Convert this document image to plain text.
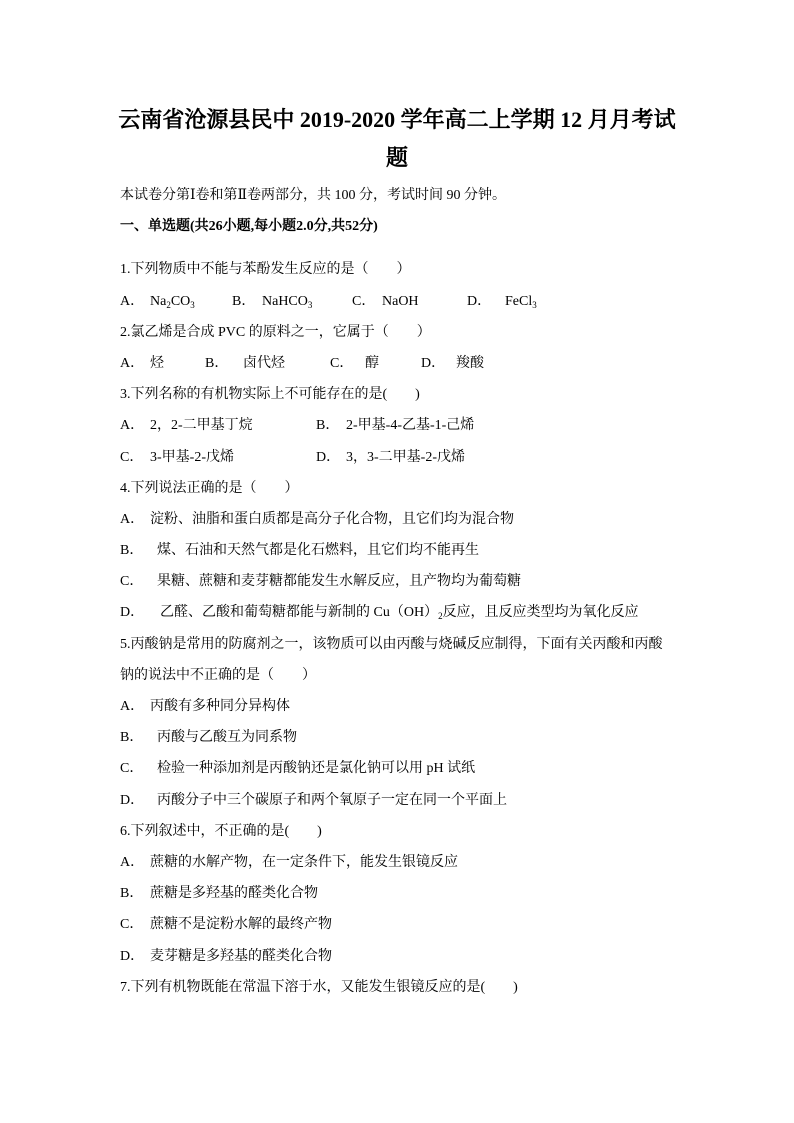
云南省沧源县民中 2019-2020 学年高二上学期 12 月月考试
题
本试卷分第Ⅰ卷和第Ⅱ卷两部分，共 100 分，考试时间 90 分钟。
一、单选题(共26小题,每小题2.0分,共52分)
1.下列物质中不能与苯酚发生反应的是（　　）
A． $Na_2CO_3$	B． NaHCO$_3$	C． NaOH	D． FeCl$_3$
2.氯乙烯是合成 PVC 的原料之一，它属于（　　）
A． 烃	B． 卤代烃	C． 醇	D． 羧酸
3.下列名称的有机物实际上不可能存在的是(　　)
A． 2，2-二甲基丁烷	B． 2-甲基-4-乙基-1-己烯
C． 3-甲基-2-戊烯	D． 3，3-二甲基-2-戊烯
4.下列说法正确的是（　　）
A． 淀粉、油脂和蛋白质都是高分子化合物，且它们均为混合物
B． 煤、石油和天然气都是化石燃料，且它们均不能再生
C． 果糖、蔗糖和麦芽糖都能发生水解反应，且产物均为葡萄糖
D． 乙醛、乙酸和葡萄糖都能与新制的 $Cu(OH)_2$反应，且反应类型均为氧化反应
5.丙酸钠是常用的防腐剂之一，该物质可以由丙酸与烧碱反应制得，下面有关丙酸和丙酸钠的说法中不正确的是（　　）
A． 丙酸有多种同分异构体
B． 丙酸与乙酸互为同系物
C． 检验一种添加剂是丙酸钠还是氯化钠可以用 pH 试纸
D． 丙酸分子中三个碳原子和两个氧原子一定在同一个平面上
6.下列叙述中，不正确的是(　　)
A． 蔗糖的水解产物，在一定条件下，能发生银镜反应
B． 蔗糖是多羟基的醛类化合物
C． 蔗糖不是淀粉水解的最终产物
D． 麦芽糖是多羟基的醛类化合物
7.下列有机物既能在常温下溶于水，又能发生银镜反应的是(　　)
